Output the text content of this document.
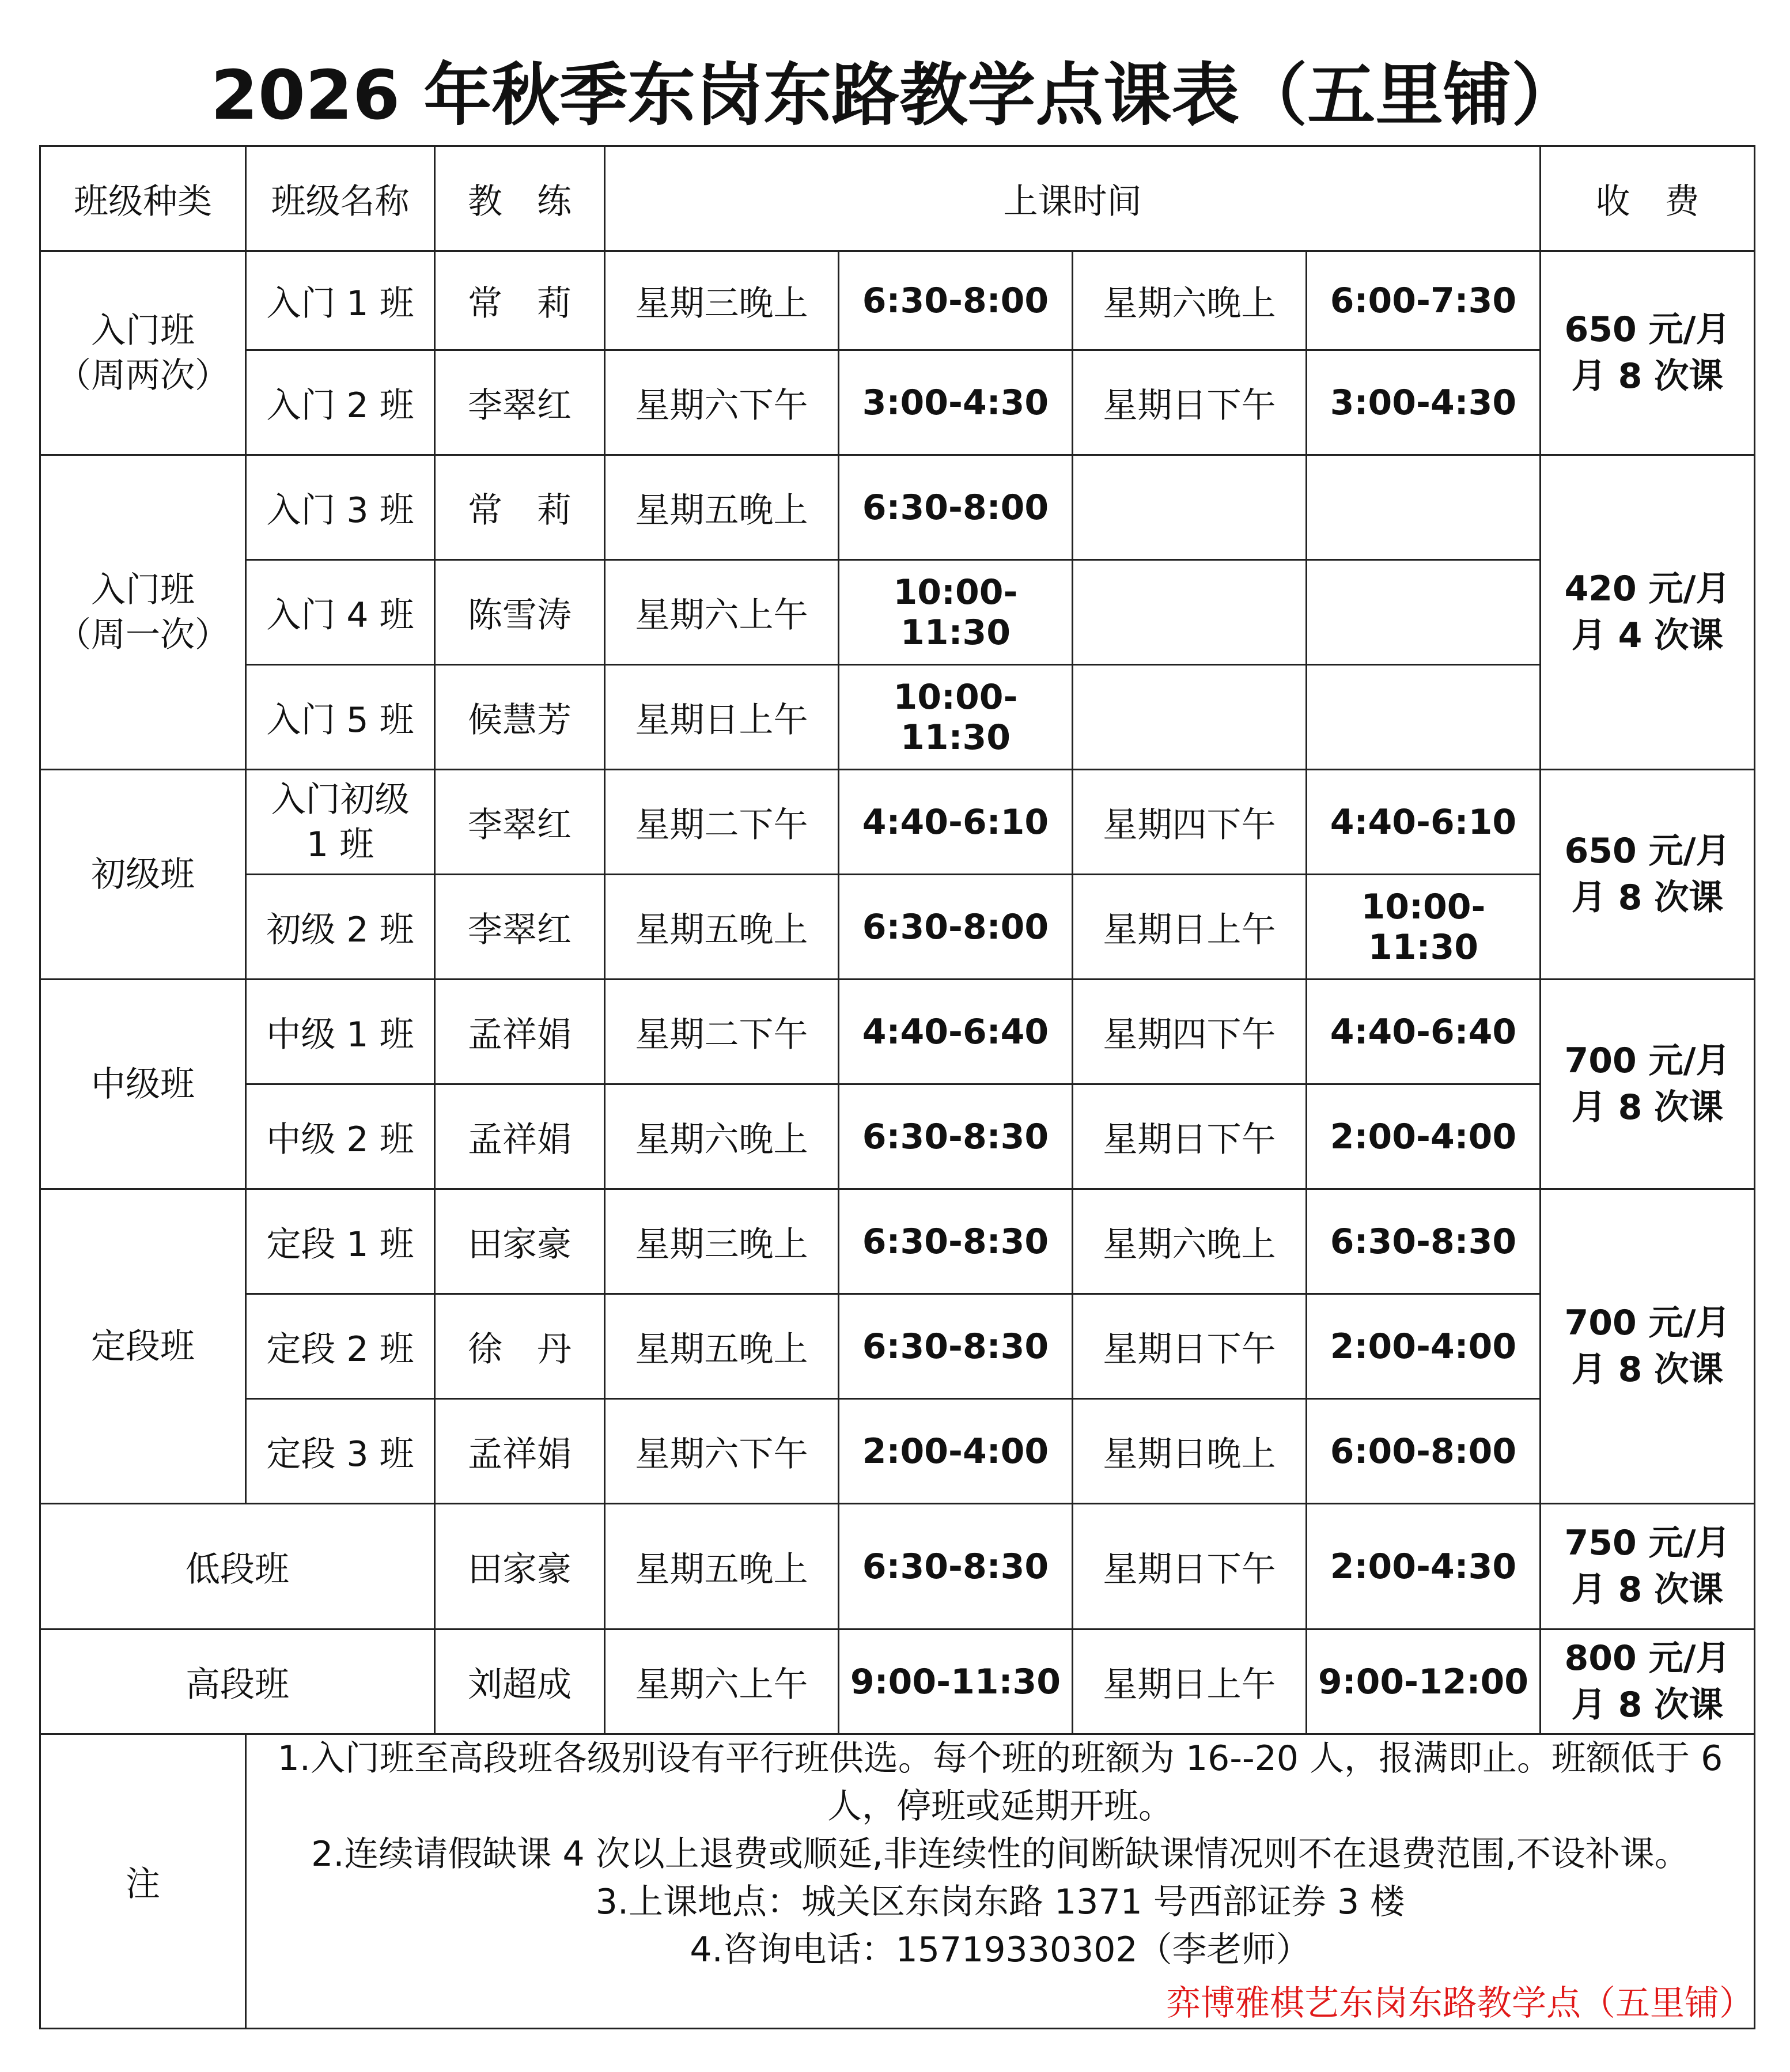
2026 年秋季东岗东路教学点课表（五里铺）
班级种类	班级名称	教　练	上课时间				收　费

入门班
（周两次）	入门 1 班	常　莉	星期三晚上	6:30-8:00	星期六晚上	6:00-7:30	650 元/月
月 8 次课

	入门 2 班	李翠红	星期六下午	3:00-4:30	星期日下午	3:00-4:30	

入门班
（周一次）	入门 3 班	常　莉	星期五晚上	6:30-8:00			420 元/月
月 4 次课

	入门 4 班	陈雪涛	星期六上午	10:00-11:30			
	入门 5 班	候慧芳	星期日上午	10:00-11:30			

初级班	入门初级
1 班	李翠红	星期二下午	4:40-6:10	星期四下午	4:40-6:10	650 元/月
月 8 次课

	初级 2 班	李翠红	星期五晚上	6:30-8:00	星期日上午	10:00-11:30	

中级班	中级 1 班	孟祥娟	星期二下午	4:40-6:40	星期四下午	4:40-6:40	700 元/月
月 8 次课

	中级 2 班	孟祥娟	星期六晚上	6:30-8:30	星期日下午	2:00-4:00	

定段班	定段 1 班	田家豪	星期三晚上	6:30-8:30	星期六晚上	6:30-8:30	700 元/月
月 8 次课

	定段 2 班	徐　丹	星期五晚上	6:30-8:30	星期日下午	2:00-4:00	
	定段 3 班	孟祥娟	星期六下午	2:00-4:00	星期日晚上	6:00-8:00	
低段班		田家豪	星期五晚上	6:30-8:30	星期日下午	2:00-4:30	750 元/月
月 8 次课

高段班		刘超成	星期六上午	9:00-11:30	星期日上午	9:00-12:00	800 元/月
月 8 次课

注	1.入门班至高段班各级别设有平行班供选。每个班的班额为 16--20 人，报满即止。班额低于 6 人，停班或延期开班。
2.连续请假缺课 4 次以上退费或顺延,非连续性的间断缺课情况则不在退费范围,不设补课。
3.上课地点：城关区东岗东路 1371 号西部证券 3 楼
4.咨询电话：15719330302（李老师）
弈博雅棋艺东岗东路教学点（五里铺）						
